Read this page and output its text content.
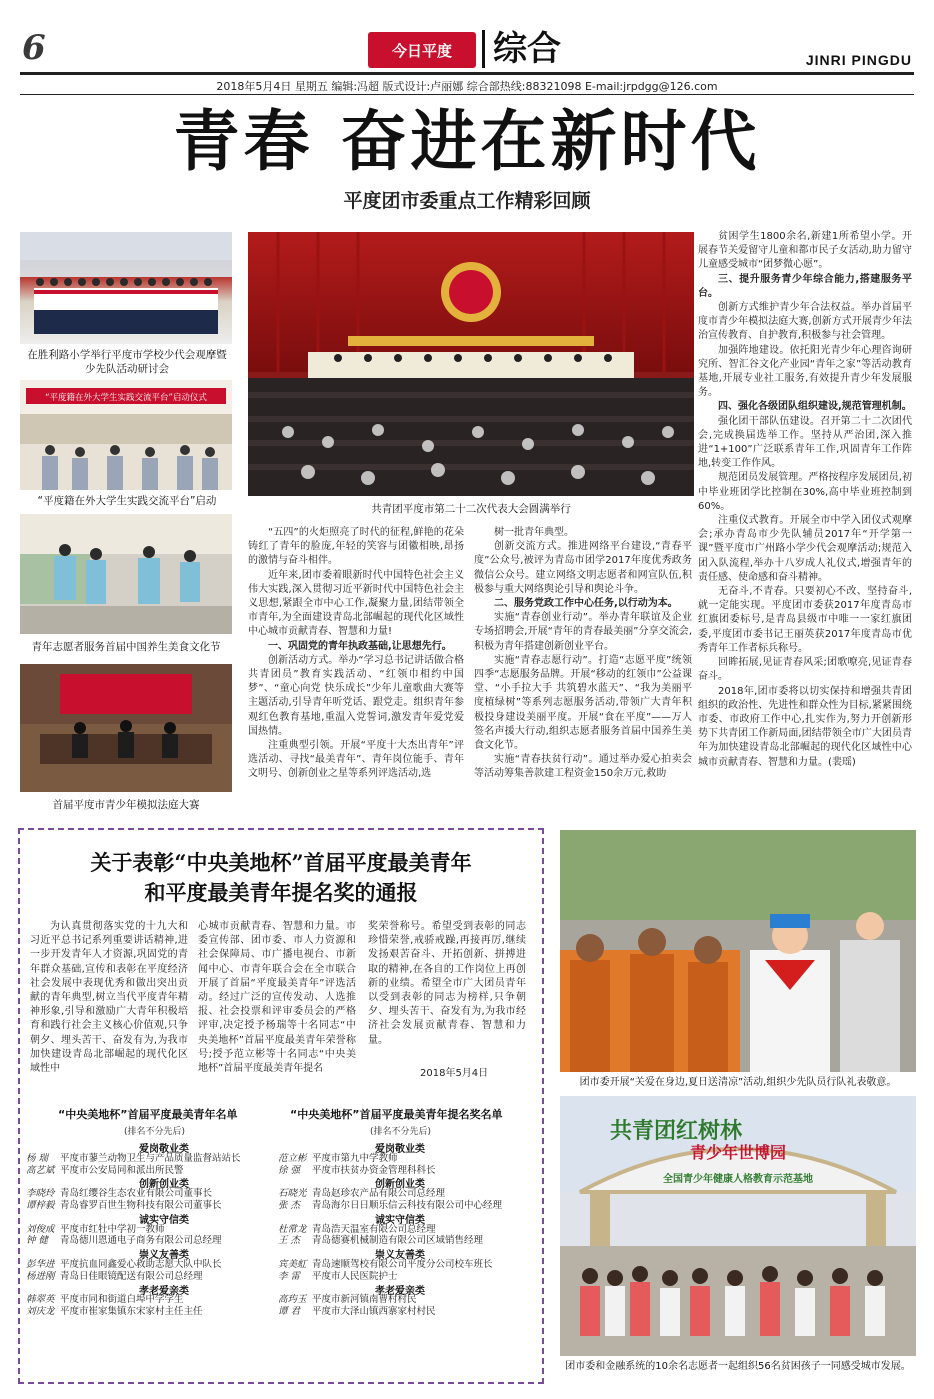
6	今日平度	综合	JINRI PINGDU
2018年5月4日 星期五 编辑:冯超 版式设计:卢丽娜 综合部热线:88321098 E-mail:jrpdgg@126.com
青春 奋进在新时代
平度团市委重点工作精彩回顾
在胜利路小学举行平度市学校少代会观摩暨少先队活动研讨会
“平度籍在外大学生实践交流平台”启动仪式
“平度籍在外大学生实践交流平台”启动
青年志愿者服务首届中国养生美食文化节
首届平度市青少年模拟法庭大赛
共青团平度市第二十二次代表大会圆满举行

“五四”的火炬照亮了时代的征程,鲜艳的花朵铸红了青年的脸庞,年轻的笑容与团徽相映,昂扬的激情与奋斗相伴。

近年来,团市委着眼新时代中国特色社会主义伟大实践,深入贯彻习近平新时代中国特色社会主义思想,紧跟全市中心工作,凝聚力量,团结带领全市青年,为全面建设青岛北部崛起的现代化区域性中心城市贡献青春、智慧和力量!

一、巩固党的青年执政基础,让思想先行。

创新活动方式。举办“学习总书记讲话做合格共青团员”教育实践活动、“红领巾相约中国梦”、“童心向党 快乐成长”少年儿童歌曲大赛等主题活动,引导青年听党话、跟党走。组织青年参观红色教育基地,重温入党誓词,激发青年爱党爱国热情。

注重典型引领。开展“平度十大杰出青年”评选活动、寻找“最美青年”、青年岗位能手、青年文明号、创新创业之星等系列评选活动,选

树一批青年典型。

创新交流方式。推进网络平台建设,“青春平度”公众号,被评为青岛市团学2017年度优秀政务微信公众号。建立网络文明志愿者和网宣队伍,积极参与重大网络舆论引导和舆论斗争。

二、服务党政工作中心任务,以行动为本。

实施“青春创业行动”。举办青年联谊及企业专场招聘会,开展“青年的青春最美丽”分享交流会,积极为青年搭建创新创业平台。

实施“青春志愿行动”。打造“志愿平度”统领四季“志愿服务品牌。开展“移动的红领巾”公益课堂、“小手拉大手 共筑碧水蓝天”、“我为美丽平度植绿树”等系列志愿服务活动,带领广大青年积极投身建设美丽平度。开展“食在平度”——万人签名声援大行动,组织志愿者服务首届中国养生美食文化节。

实施“青春扶贫行动”。通过举办爱心拍卖会等活动筹集善款建工程资金150余万元,救助

贫困学生1800余名,新建1所希望小学。开展春节关爱留守儿童和都市民子女活动,助力留守儿童感受城市“团梦微心愿”。

三、提升服务青少年综合能力,搭建服务平台。

创新方式维护青少年合法权益。举办首届平度市青少年模拟法庭大赛,创新方式开展青少年法治宣传教育、自护教育,积极参与社会管理。

加强阵地建设。依托阳光青少年心理咨询研究所、智汇谷文化产业园“青年之家”等活动教育基地,开展专业社工服务,有效提升青少年发展服务。

四、强化各级团队组织建设,规范管理机制。

强化团干部队伍建设。召开第二十二次团代会,完成换届选举工作。坚持从严治团,深入推进“1+100”广泛联系青年工作,巩固青年工作阵地,转变工作作风。

规范团员发展管理。严格按程序发展团员,初中毕业班团学比控制在30%,高中毕业班控制到60%。

注重仪式教育。开展全市中学入团仪式观摩会;承办青岛市少先队辅员2017年“开学第一课”暨平度市广州路小学少代会观摩活动;规范入团入队流程,举办十八岁成人礼仪式,增强青年的责任感、使命感和奋斗精神。

无奋斗,不青春。只要初心不改、坚持奋斗,就一定能实现。平度团市委获2017年度青岛市红旗团委标号,是青岛县级市中唯一一家红旗团委,平度团市委书记王丽英获2017年度青岛市优秀青年工作者标兵称号。

回眸拓展,见证青春风采;团歌嘹亮,见证青春奋斗。

2018年,团市委将以切实保持和增强共青团组织的政治性、先进性和群众性为目标,紧紧围绕市委、市政府工作中心,扎实作为,努力开创新形势下共青团工作新局面,团结带领全市广大团员青年为加快建设青岛北部崛起的现代化区域性中心城市贡献青春、智慧和力量。(裴瑶)

关于表彰“中央美地杯”首届平度最美青年
和平度最美青年提名奖的通报

为认真贯彻落实党的十九大和习近平总书记系列重要讲话精神,进一步开发青年人才资源,巩固党的青年群众基础,宣传和表彰在平度经济社会发展中表现优秀和做出突出贡献的青年典型,树立当代平度青年精神形象,引导和激励广大青年积极培育和践行社会主义核心价值观,只争朝夕、埋头苦干、奋发有为,为我市加快建设青岛北部崛起的现代化区域性中

心城市贡献青春、智慧和力量。市委宣传部、团市委、市人力资源和社会保障局、市广播电视台、市新闻中心、市青年联合会在全市联合开展了首届“平度最美青年”评选活动。经过广泛的宣传发动、人选推报、社会投票和评审委员会的严格评审,决定授予杨瑞等十名同志“中央美地杯”首届平度最美青年荣誉称号;授予范立彬等十名同志“中央美地杯”首届平度最美青年提名

奖荣誉称号。希望受到表彰的同志珍惜荣誉,戒骄戒躁,再接再厉,继续发扬艰苦奋斗、开拓创新、拼搏进取的精神,在各自的工作岗位上再创新的业绩。希望全市广大团员青年以受到表彰的同志为榜样,只争朝夕、埋头苦干、奋发有为,为我市经济社会发展贡献青春、智慧和力量。

2018年5月4日
“中央美地杯”首届平度最美青年名单
(排名不分先后)
“中央美地杯”首届平度最美青年提名奖名单
(排名不分先后)
爱岗敬业类	爱岗敬业类
杨 瑞 平度市蓼兰动物卫生与产品质量监督站站长	范立彬 平度市第九中学教师
高艺斌 平度市公安局同和派出所民警	徐 强 平度市扶贫办资金管理科科长
创新创业类	创新创业类
李晓玲 青岛红缨谷生态农业有限公司董事长	石晓光 青岛赵珍农产品有限公司总经理
谭梓毅 青岛睿罗百世生物科技有限公司董事长	张 杰 青岛海尔日日顺乐信云科技有限公司中心经理
诚实守信类	诚实守信类
刘俊成 平度市红牡中学初一教师	杜常龙 青岛浩天温室有限公司总经理
钟 健 青岛德川恩通电子商务有限公司总经理	王 杰 青岛德赛机械制造有限公司区域销售经理
崇义友善类	崇义友善类
彭华进 平度抗血同鑫爱心救助志愿大队中队长	宾美虹 青岛速顺驾校有限公司平度分公司校车班长
杨进刚 青岛日佳眼镜配送有限公司总经理	李 雷 平度市人民医院护士
孝老爱亲类	孝老爱亲类
韩翠英 平度市同和街道白埠中学学生	高玙玉 平度市新河镇南曹村村民
刘庆龙 平度市崔家集镇东宋家村主任主任	谭 君 平度市大泽山镇西寨家村村民
团市委开展“关爱在身边,夏日送清凉”活动,组织少先队员行队礼表敬意。
共青团红树林
青少年世博园
全国青少年健康人格教育示范基地
团市委和金融系统的10余名志愿者一起组织56名贫困孩子一同感受城市发展。
